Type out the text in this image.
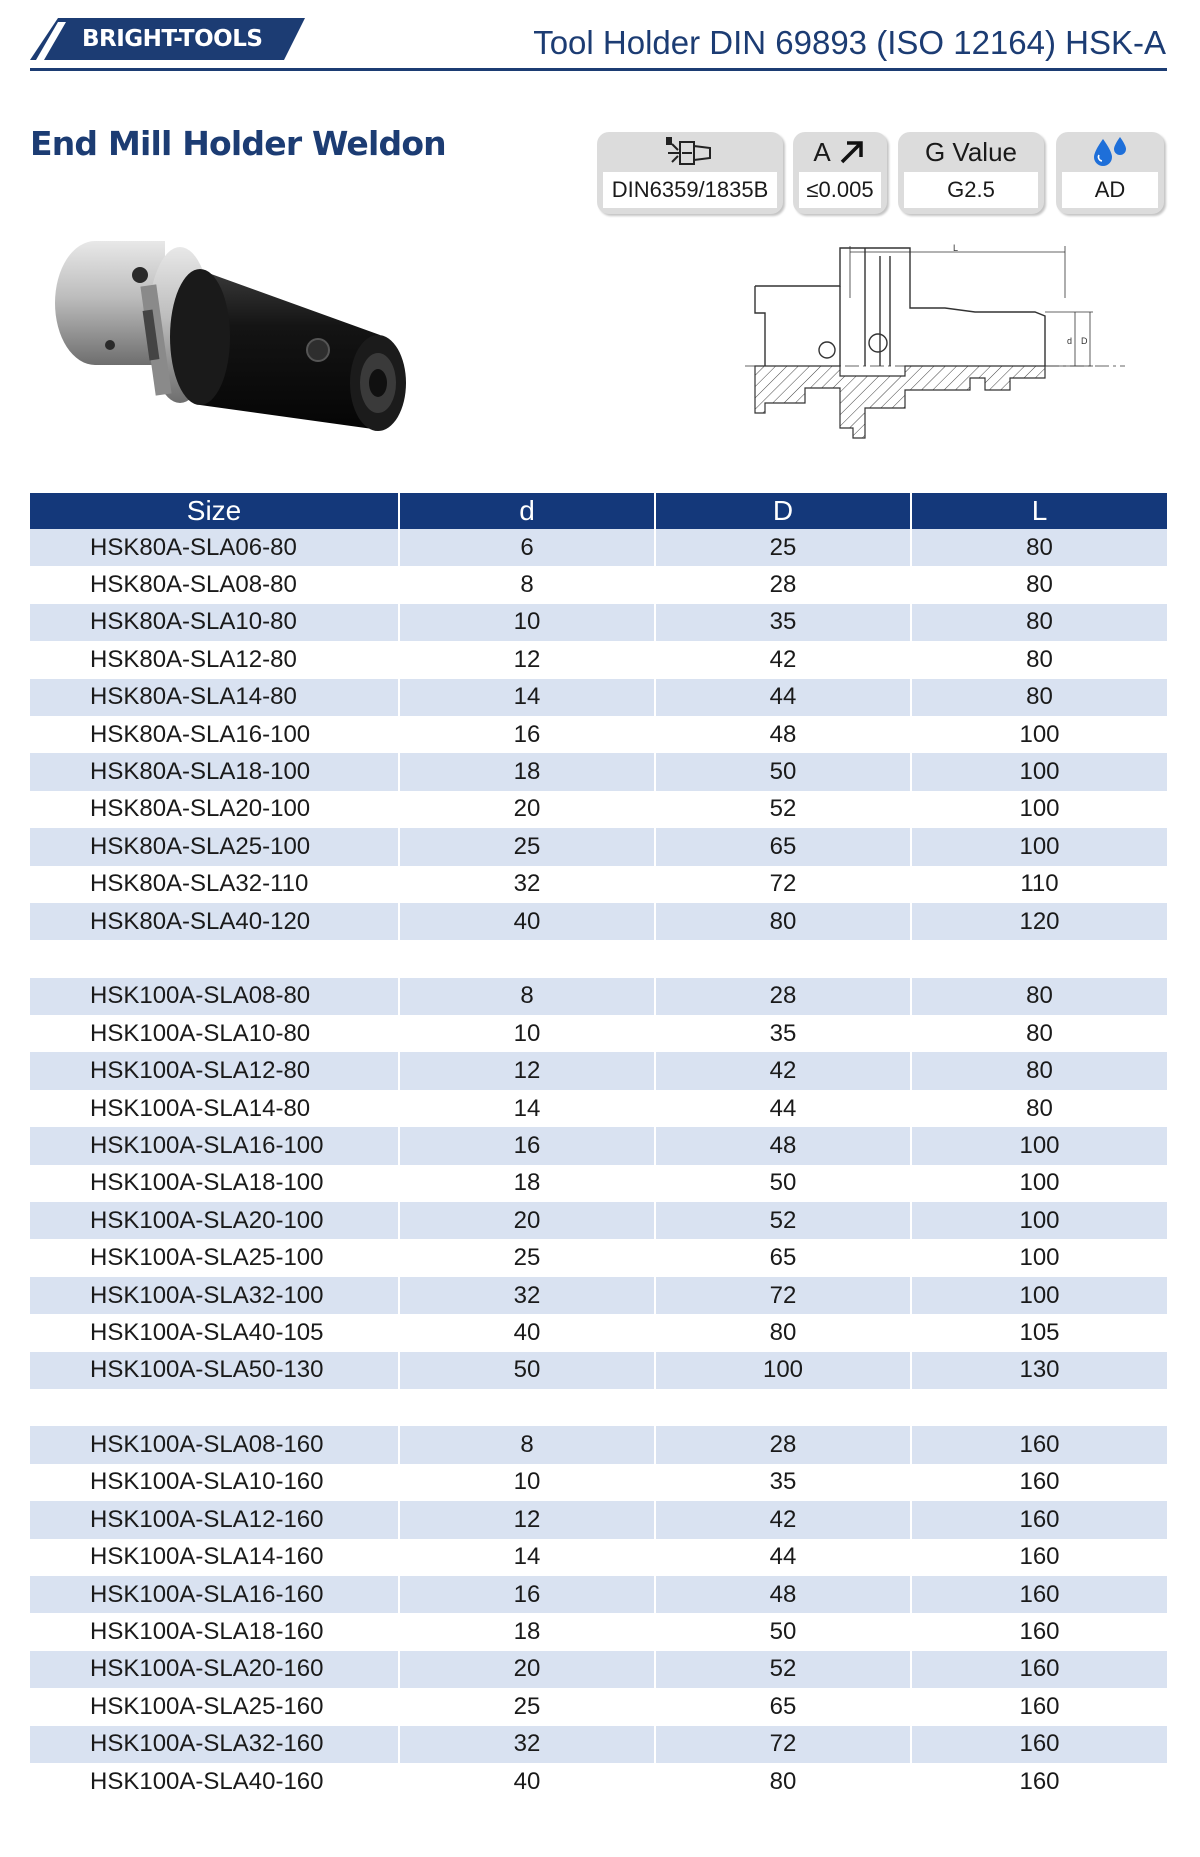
BRIGHT-TOOLS	Tool Holder DIN 69893 (ISO 12164) HSK-A
End Mill Holder Weldon
DIN6359/1835B
A
≤0.005
G Value
G2.5	AD
L
d D
Size	d	D	L
HSK80A-SLA06-80	6	25	80
HSK80A-SLA08-80	8	28	80
HSK80A-SLA10-80	10	35	80
HSK80A-SLA12-80	12	42	80
HSK80A-SLA14-80	14	44	80
HSK80A-SLA16-100	16	48	100
HSK80A-SLA18-100	18	50	100
HSK80A-SLA20-100	20	52	100
HSK80A-SLA25-100	25	65	100
HSK80A-SLA32-110	32	72	110
HSK80A-SLA40-120	40	80	120

HSK100A-SLA08-80	8	28	80
HSK100A-SLA10-80	10	35	80
HSK100A-SLA12-80	12	42	80
HSK100A-SLA14-80	14	44	80
HSK100A-SLA16-100	16	48	100
HSK100A-SLA18-100	18	50	100
HSK100A-SLA20-100	20	52	100
HSK100A-SLA25-100	25	65	100
HSK100A-SLA32-100	32	72	100
HSK100A-SLA40-105	40	80	105
HSK100A-SLA50-130	50	100	130

HSK100A-SLA08-160	8	28	160
HSK100A-SLA10-160	10	35	160
HSK100A-SLA12-160	12	42	160
HSK100A-SLA14-160	14	44	160
HSK100A-SLA16-160	16	48	160
HSK100A-SLA18-160	18	50	160
HSK100A-SLA20-160	20	52	160
HSK100A-SLA25-160	25	65	160
HSK100A-SLA32-160	32	72	160
HSK100A-SLA40-160	40	80	160
